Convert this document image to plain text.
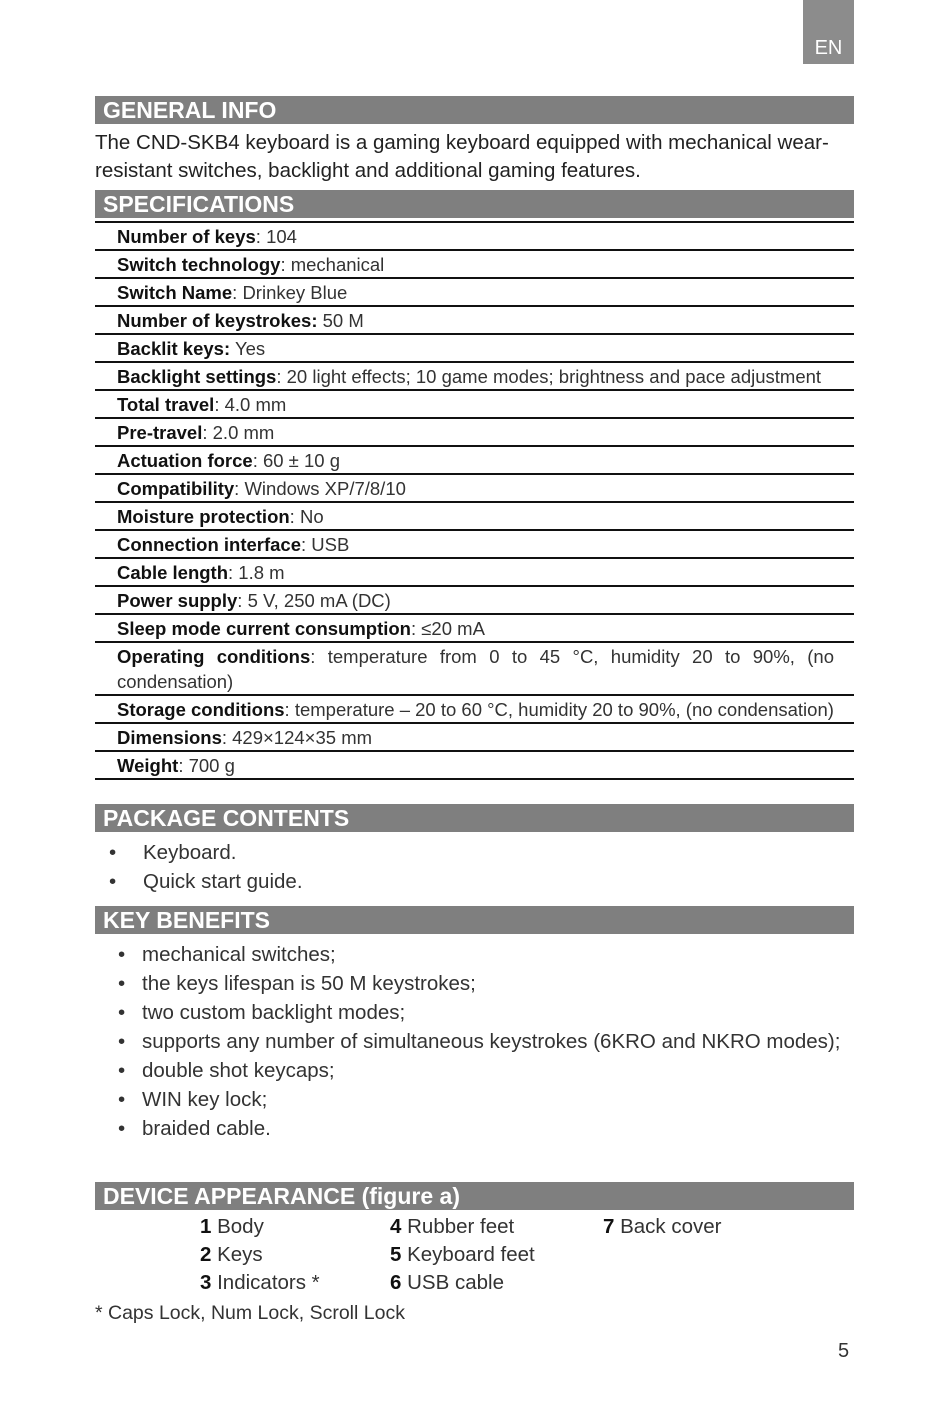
EN
GENERAL INFO
The CND-SKB4 keyboard is a gaming keyboard equipped with mechanical wear-resistant switches, backlight and additional gaming features.
SPECIFICATIONS
Number of keys: 104
Switch technology: mechanical
Switch Name: Drinkey Blue
Number of keystrokes: 50 M
Backlit keys: Yes
Backlight settings: 20 light effects; 10 game modes; brightness and pace adjustment
Total travel: 4.0 mm
Pre-travel: 2.0 mm
Actuation force: 60 ± 10 g
Compatibility: Windows XP/7/8/10
Moisture protection: No
Connection interface: USB
Cable length: 1.8 m
Power supply: 5 V, 250 mA (DC)
Sleep mode current consumption: ≤20 mA
Operating conditions: temperature from 0 to 45 °C, humidity 20 to 90%, (no condensation)
Storage conditions: temperature – 20 to 60 °C, humidity 20 to 90%, (no condensation)
Dimensions: 429×124×35 mm
Weight: 700 g
PACKAGE CONTENTS
• Keyboard.
• Quick start guide.
KEY BENEFITS
• mechanical switches;
• the keys lifespan is 50 M keystrokes;
• two custom backlight modes;
• supports any number of simultaneous keystrokes (6KRO and NKRO modes);
• double shot keycaps;
• WIN key lock;
• braided cable.
DEVICE APPEARANCE (figure a)
1 Body
2 Keys
3 Indicators *
4 Rubber feet
5 Keyboard feet
6 USB cable
7 Back cover
* Caps Lock, Num Lock, Scroll Lock
5
